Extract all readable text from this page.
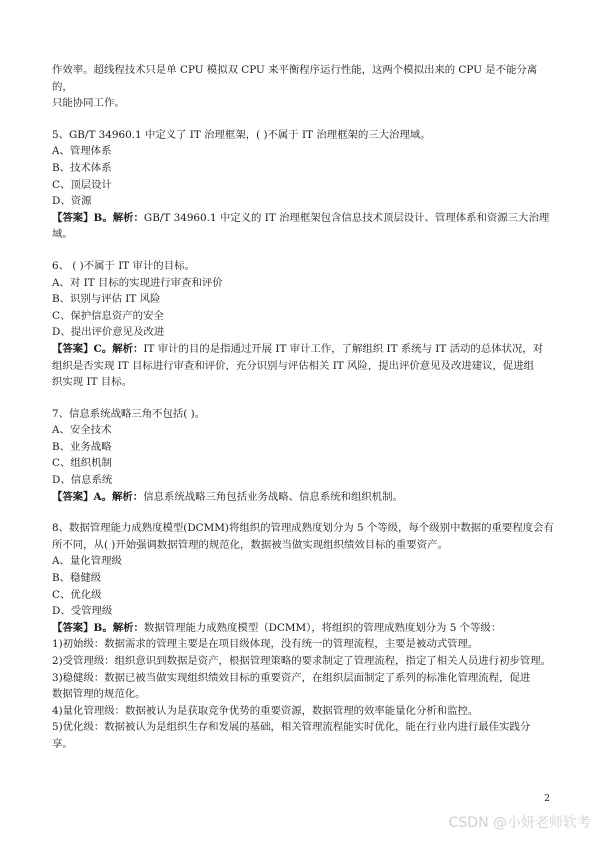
作效率。超线程技术只是单 CPU 模拟双 CPU 来平衡程序运行性能，这两个模拟出来的 CPU 是不能分离的，

只能协同工作。

5、GB/T 34960.1 中定义了 IT 治理框架，( )不属于 IT 治理框架的三大治理域。

A、管理体系

B、技术体系

C、顶层设计

D、资源

【答案】B。解析：GB/T 34960.1 中定义的 IT 治理框架包含信息技术顶层设计、管理体系和资源三大治理

域。

6、 ( )不属于 IT 审计的目标。

A、对 IT 目标的实现进行审查和评价

B、识别与评估 IT 风险

C、保护信息资产的安全

D、提出评价意见及改进

【答案】C。解析：IT 审计的目的是指通过开展 IT 审计工作，了解组织 IT 系统与 IT 活动的总体状况，对

组织是否实现 IT 目标进行审查和评价，充分识别与评估相关 IT 风险，提出评价意见及改进建议，促进组

织实现 IT 目标。

7、信息系统战略三角不包括( )。

A、安全技术

B、业务战略

C、组织机制

D、信息系统

【答案】A。解析：信息系统战略三角包括业务战略、信息系统和组织机制。

8、数据管理能力成熟度模型(DCMM)将组织的管理成熟度划分为 5 个等级，每个级别中数据的重要程度会有

所不同，从( )开始强调数据管理的规范化，数据被当做实现组织绩效目标的重要资产。

A、量化管理级

B、稳健级

C、优化级

D、受管理级

【答案】B。解析：数据管理能力成熟度模型（DCMM），将组织的管理成熟度划分为 5 个等级：

1)初始级：数据需求的管理主要是在项目级体现，没有统一的管理流程，主要是被动式管理。

2)受管理级：组织意识到数据是资产，根据管理策略的要求制定了管理流程，指定了相关人员进行初步管理。

3)稳健级：数据已被当做实现组织绩效目标的重要资产，在组织层面制定了系列的标准化管理流程，促进

数据管理的规范化。

4)量化管理级：数据被认为是获取竞争优势的重要资源，数据管理的效率能量化分析和监控。

5)优化级：数据被认为是组织生存和发展的基础，相关管理流程能实时优化，能在行业内进行最佳实践分

享。

2
CSDN @小妍老师软考
